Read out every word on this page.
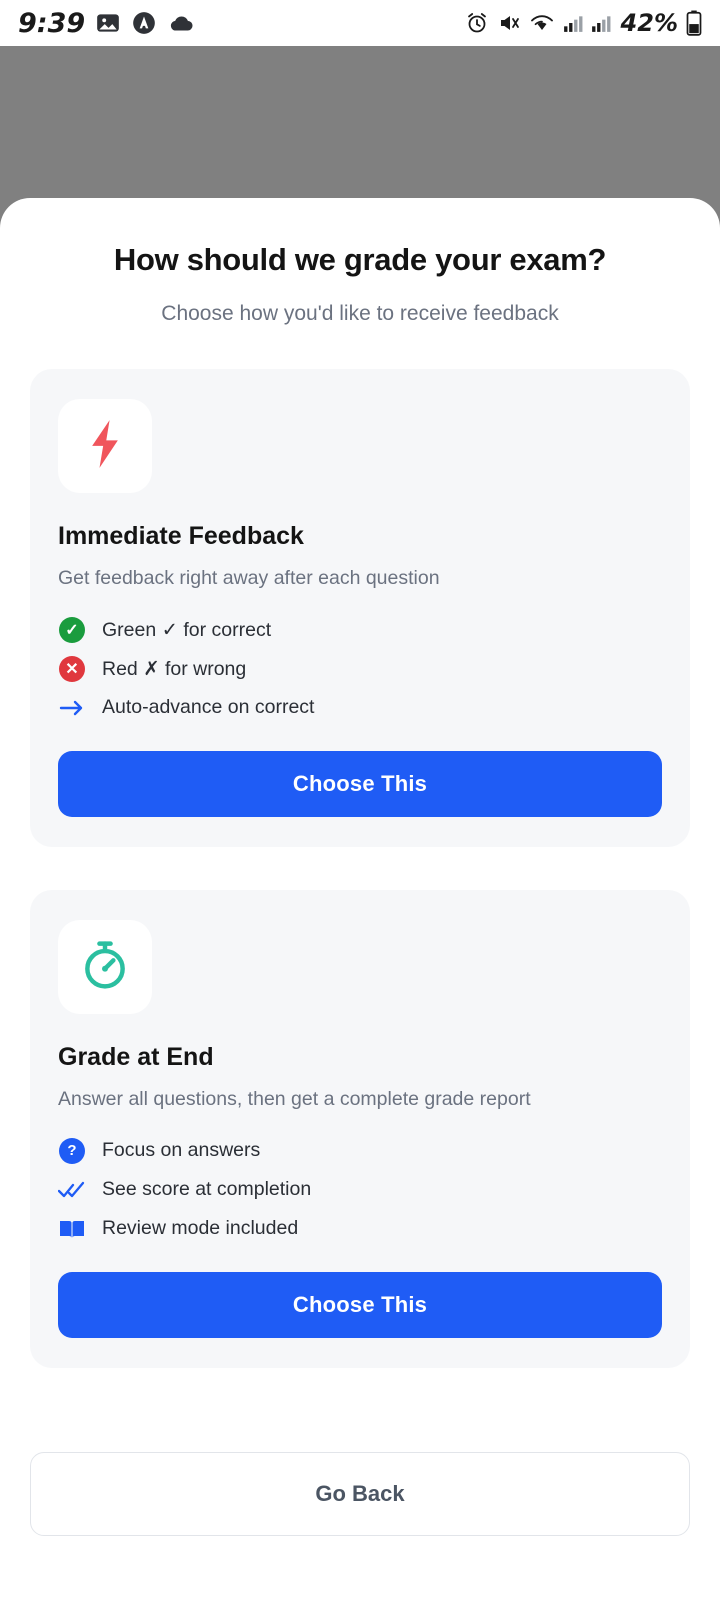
9:39	42%
How should we grade your exam?
Choose how you'd like to receive feedback
Immediate Feedback
Get feedback right away after each question
✓	Green ✓ for correct
✕	Red ✗ for wrong
Auto-advance on correct
Choose This
Grade at End
Answer all questions, then get a complete grade report
?	Focus on answers
See score at completion
Review mode included
Choose This
Go Back
